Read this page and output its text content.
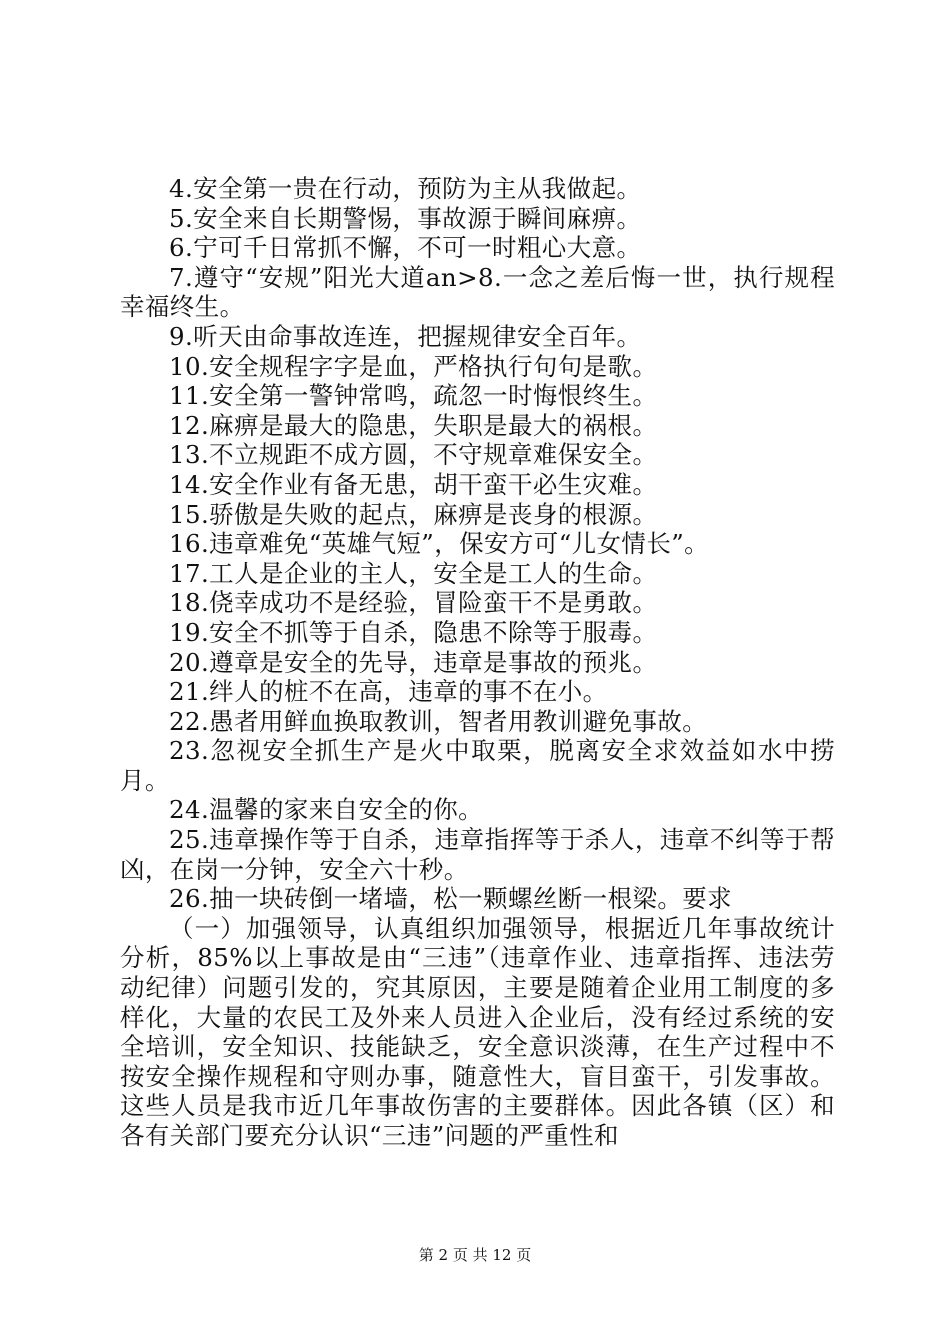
4.安全第一贵在行动，预防为主从我做起。

5.安全来自长期警惕，事故源于瞬间麻痹。

6.宁可千日常抓不懈，不可一时粗心大意。

7.遵守“安规”阳光大道an>8.一念之差后悔一世，执行规程幸福终生。

9.听天由命事故连连，把握规律安全百年。

10.安全规程字字是血，严格执行句句是歌。

11.安全第一警钟常鸣，疏忽一时悔恨终生。

12.麻痹是最大的隐患，失职是最大的祸根。

13.不立规距不成方圆，不守规章难保安全。

14.安全作业有备无患，胡干蛮干必生灾难。

15.骄傲是失败的起点，麻痹是丧身的根源。

16.违章难免“英雄气短”，保安方可“儿女情长”。

17.工人是企业的主人，安全是工人的生命。

18.侥幸成功不是经验，冒险蛮干不是勇敢。

19.安全不抓等于自杀，隐患不除等于服毒。

20.遵章是安全的先导，违章是事故的预兆。

21.绊人的桩不在高，违章的事不在小。

22.愚者用鲜血换取教训，智者用教训避免事故。

23.忽视安全抓生产是火中取栗，脱离安全求效益如水中捞月。

24.温馨的家来自安全的你。

25.违章操作等于自杀，违章指挥等于杀人，违章不纠等于帮凶，在岗一分钟，安全六十秒。

26.抽一块砖倒一堵墙，松一颗螺丝断一根梁。要求

（一）加强领导，认真组织加强领导，根据近几年事故统计分析，85%以上事故是由“三违”（违章作业、违章指挥、违法劳动纪律）问题引发的，究其原因，主要是随着企业用工制度的多样化，大量的农民工及外来人员进入企业后，没有经过系统的安全培训，安全知识、技能缺乏，安全意识淡薄，在生产过程中不按安全操作规程和守则办事，随意性大，盲目蛮干，引发事故。这些人员是我市近几年事故伤害的主要群体。因此各镇（区）和各有关部门要充分认识“三违”问题的严重性和

第 2 页 共 12 页
